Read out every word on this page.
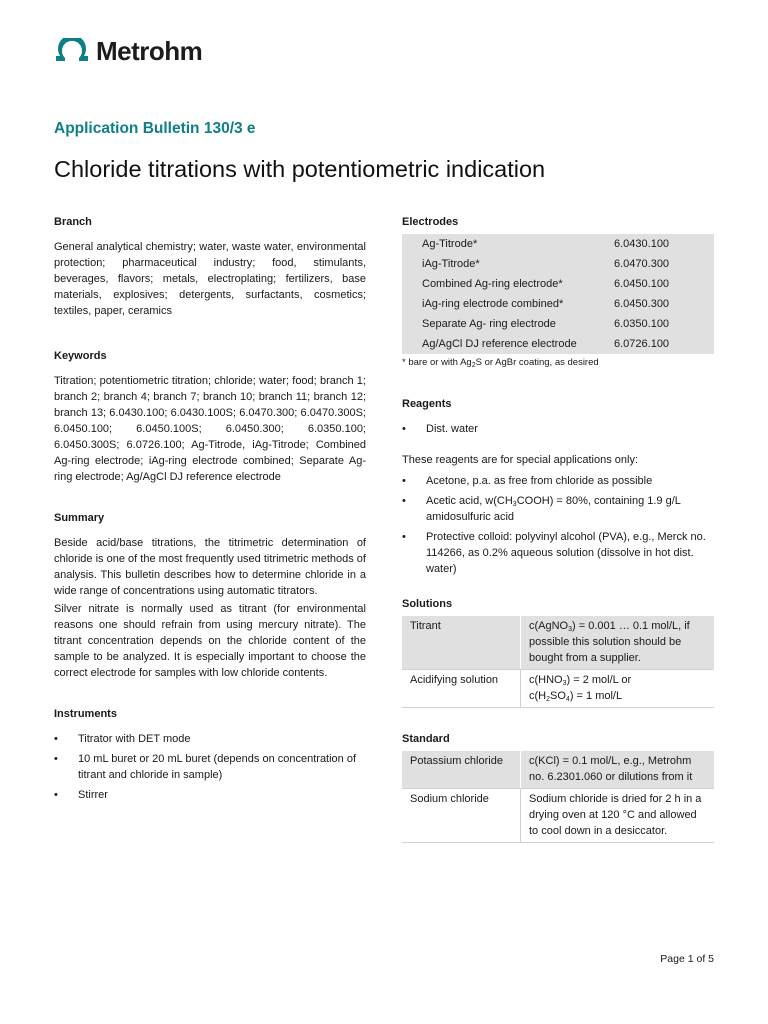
Metrohm
Application Bulletin 130/3 e
Chloride titrations with potentiometric indication
Branch

General analytical chemistry; water, waste water, environmental protection; pharmaceutical industry; food, stimulants, beverages, flavors; metals, electroplating; fertilizers, base materials, explosives; detergents, surfactants, cosmetics; textiles, paper, ceramics

Keywords

Titration; potentiometric titration; chloride; water; food; branch 1; branch 2; branch 4; branch 7; branch 10; branch 11; branch 12; branch 13; 6.0430.100; 6.0430.100S; 6.0470.300; 6.0470.300S; 6.0450.100; 6.0450.100S; 6.0450.300; 6.0350.100; 6.0450.300S; 6.0726.100; Ag-Titrode, iAg-Titrode; Combined Ag-ring electrode; iAg-ring electrode combined; Separate Ag-ring electrode; Ag/AgCl DJ reference electrode

Summary

Beside acid/base titrations, the titrimetric determination of chloride is one of the most frequently used titrimetric methods of analysis. This bulletin describes how to determine chloride in a wide range of concentrations using automatic titrators.

Silver nitrate is normally used as titrant (for environmental reasons one should refrain from using mercury nitrate). The titrant concentration depends on the chloride content of the sample to be analyzed. It is especially important to choose the correct electrode for samples with low chloride contents.

Instruments
• Titrator with DET mode
• 10 mL buret or 20 mL buret (depends on concentration of titrant and chloride in sample)
• Stirrer
Electrodes
Ag-Titrode*	6.0430.100
iAg-Titrode*	6.0470.300
Combined Ag-ring electrode*	6.0450.100
iAg-ring electrode combined*	6.0450.300
Separate Ag- ring electrode	6.0350.100
Ag/AgCl DJ reference electrode	6.0726.100
* bare or with $Ag_2S$ or AgBr coating, as desired
Reagents
• Dist. water

These reagents are for special applications only:

• Acetone, p.a. as free from chloride as possible
• Acetic acid, $w(CH_3COOH) = 80\%$, containing 1.9 g/L amidosulfuric acid
• Protective colloid: polyvinyl alcohol (PVA), e.g., Merck no. 114266, as 0.2% aqueous solution (dissolve in hot dist. water)
Solutions
Titrant	c(AgNO$_3$) = 0.001 … 0.1 mol/L, if possible this solution should be bought from a supplier.
Acidifying solution	$c(HNO_3) = 2$ mol/L or
$c(H_2SO_4) = 1$ mol/L
Standard
Potassium chloride	c(KCl) = 0.1 mol/L, e.g., Metrohm no. 6.2301.060 or dilutions from it
Sodium chloride	Sodium chloride is dried for 2 h in a drying oven at 120 °C and allowed to cool down in a desiccator.
Page 1 of 5
